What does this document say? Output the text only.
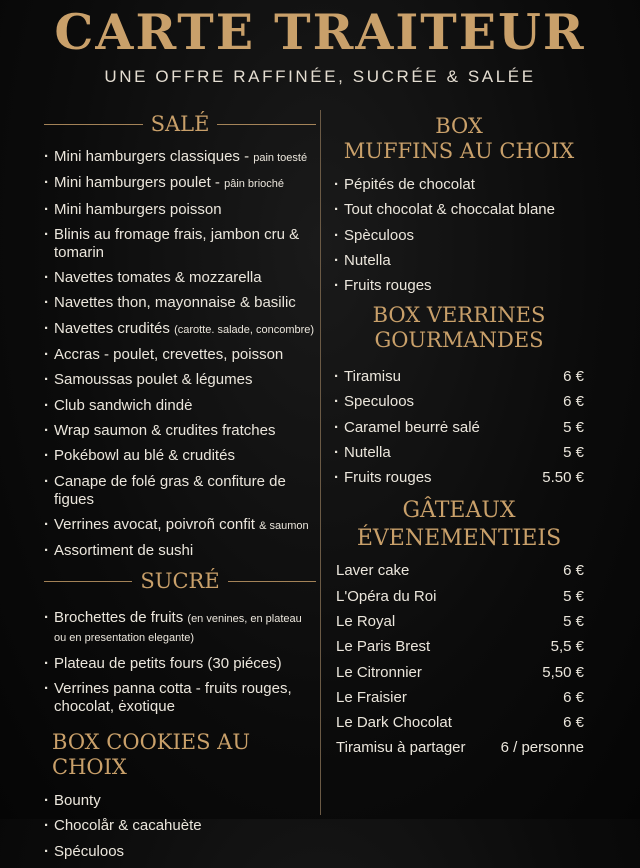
CARTE TRAITEUR
UNE OFFRE RAFFINÉE, SUCRÉE & SALÉE
SALÉ
· Mini hamburgers classiques - pain toesté
· Mini hamburgers poulet - pâin brioché
· Mini hamburgers poisson
· Blinis au fromage frais, jambon cru & tomarin
· Navettes tomates & mozzarella
· Navettes thon, mayonnaise & basilic
· Navettes crudités (carotte. salade, concombre)
· Accras - poulet, crevettes, poisson
· Samoussas poulet & légumes
· Club sandwich dindė
· Wrap saumon & crudites fratches
· Pokébowl au blé & crudités
· Canape de folé gras & confiture de figues
· Verrines avocat, poivroñ confit & saumon
· Assortiment de sushi
SUCRÉ
· Brochettes de fruits (en venines, en plateau ou en presentation elegante)
· Plateau de petits fours (30 piéces)
· Verrines panna cotta - fruits rouges, chocolat, ėxotique
BOX COOKIES AU CHOIX
· Bounty
· Chocolår & cacahuète
· Spéculoos
BOX
MUFFINS AU CHOIX
· Pépités de chocolat
· Tout chocolat & choccalat blane
· Spèculoos
· Nutella
· Fruits rouges
BOX VERRINES
GOURMANDES
· Tiramisu	6 €
· Speculoos	6 €
· Caramel beurrė salé	5 €
· Nutella	5 €
· Fruits rouges	5.50 €
GÂTEAUX
ÉVENEMENTIEIS
Laver cake	6 €
L'Opéra du Roi	5 €
Le Royal	5 €
Le Paris Brest	5,5 €
Le Citronnier	5,50 €
Le Fraisier	6 €
Le Dark Chocolat	6 €
Tiramisu à partager 6 / personne
